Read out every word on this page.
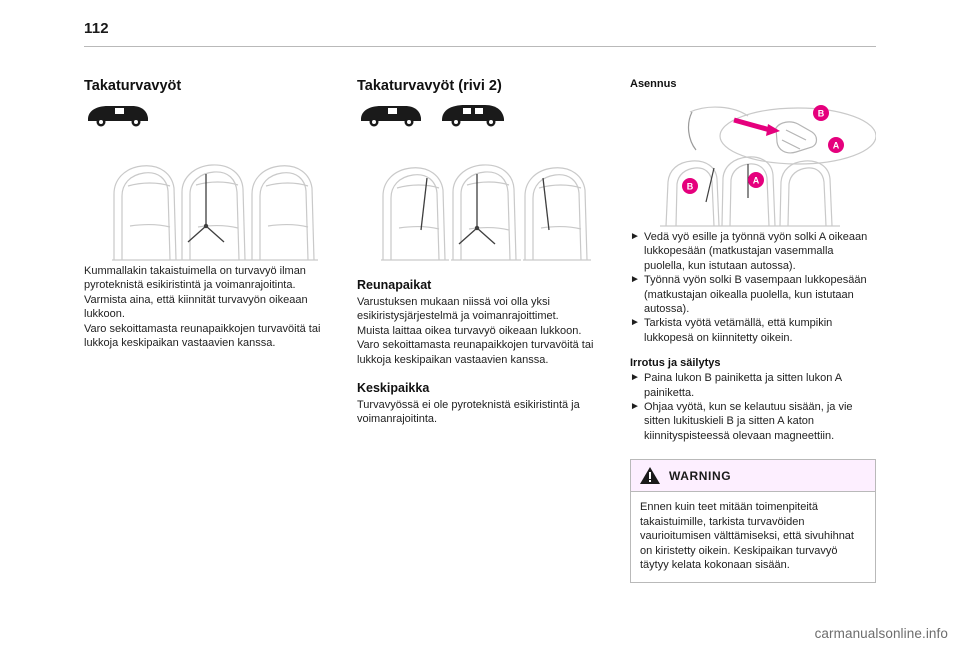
112
Takaturvavyöt

Kummallakin takaistuimella on turvavyö ilman pyroteknistä esikiristintä ja voimanrajoitinta.

Varmista aina, että kiinnität turvavyön oikeaan lukkoon.

Varo sekoittamasta reunapaikkojen turvavöitä tai lukkoja keskipaikan vastaavien kanssa.

Takaturvavyöt (rivi 2)
Reunapaikat

Varustuksen mukaan niissä voi olla yksi esikiristysjärjestelmä ja voimanrajoittimet.

Muista laittaa oikea turvavyö oikeaan lukkoon.

Varo sekoittamasta reunapaikkojen turvavöitä tai lukkoja keskipaikan vastaavien kanssa.

Keskipaikka

Turvavyössä ei ole pyroteknistä esikiristintä ja voimanrajoitinta.

Asennus
B
A
B
A

► Vedä vyö esille ja työnnä vyön solki A oikeaan lukkopesään (matkustajan vasemmalla puolella, kun istutaan autossa).

► Työnnä vyön solki B vasempaan lukkopesään (matkustajan oikealla puolella, kun istutaan autossa).

► Tarkista vyötä vetämällä, että kumpikin lukkopesä on kiinnitetty oikein.

Irrotus ja säilytys

► Paina lukon B painiketta ja sitten lukon A painiketta.

► Ohjaa vyötä, kun se kelautuu sisään, ja vie sitten lukituskieli B ja sitten A katon kiinnityspisteessä olevaan magneettiin.

WARNING
Ennen kuin teet mitään toimenpiteitä takaistuimille, tarkista turvavöiden vaurioitumisen välttämiseksi, että sivuhihnat on kiristetty oikein. Keskipaikan turvavyö täytyy kelata kokonaan sisään.
carmanualsonline.info
